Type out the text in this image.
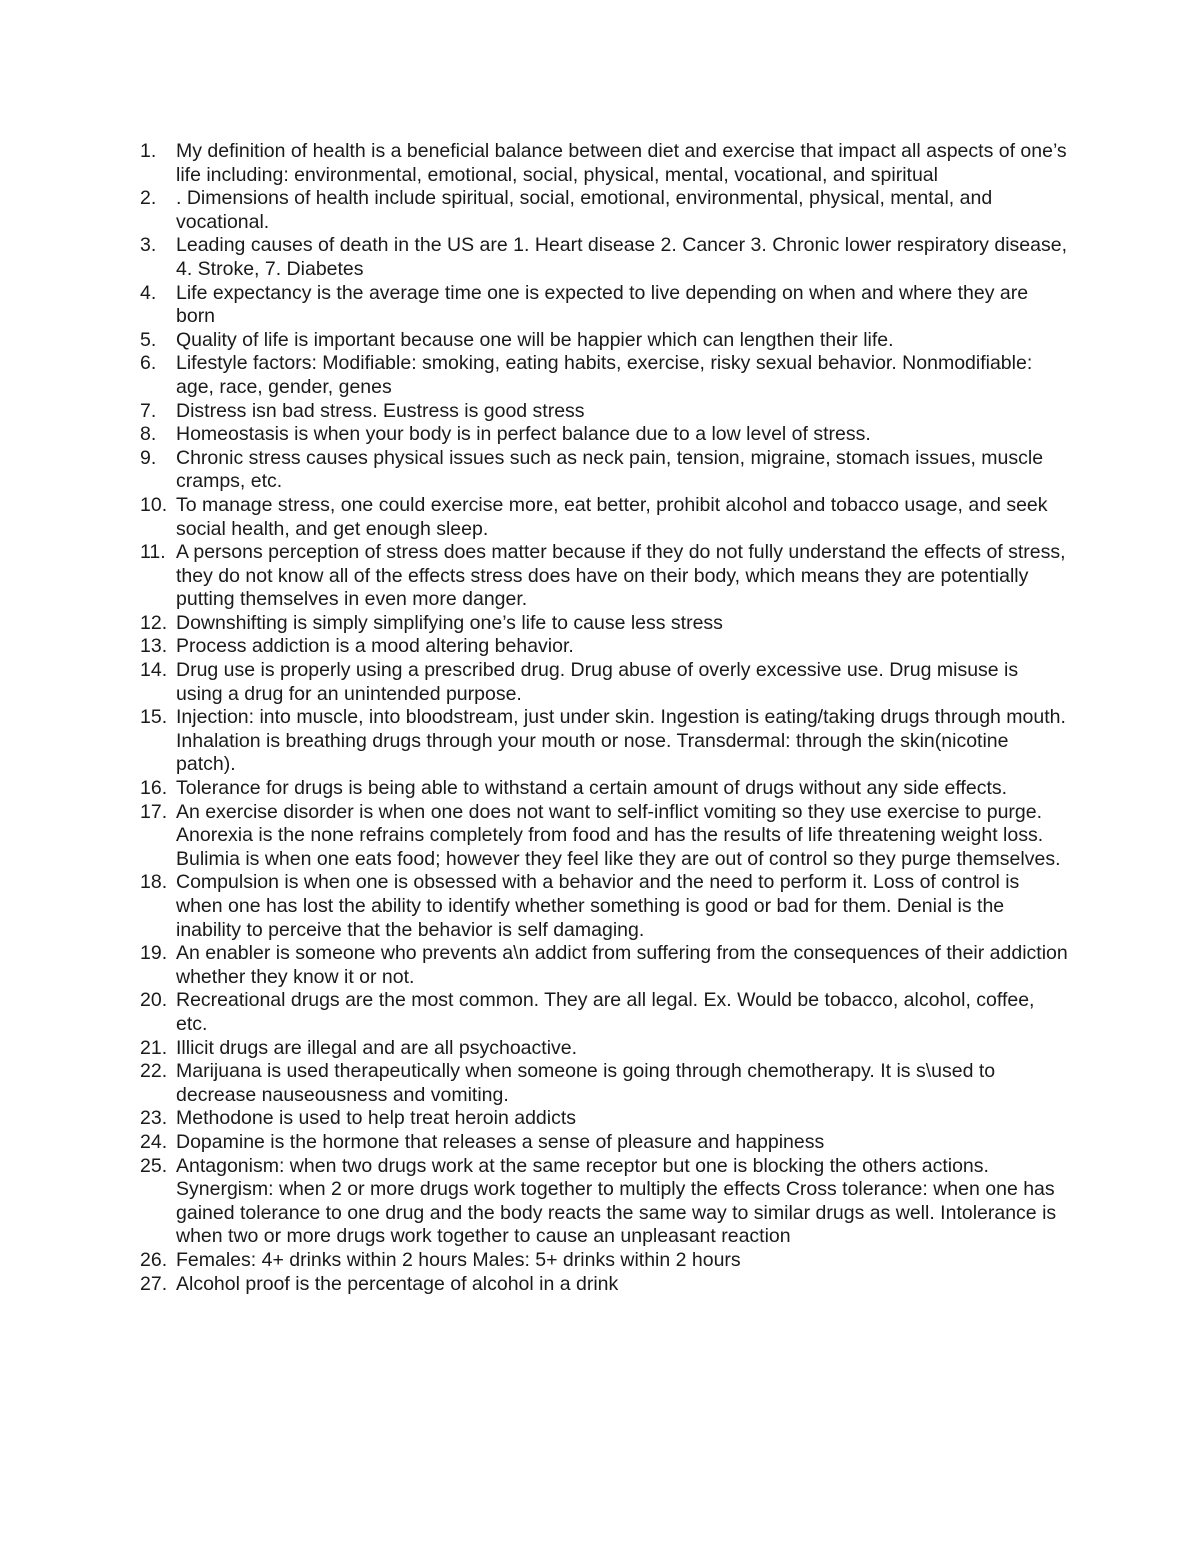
1.	My definition of health is a beneficial balance between diet and exercise that impact all aspects of one’s life including: environmental, emotional, social, physical, mental, vocational, and spiritual
2.	. Dimensions of health include spiritual, social, emotional, environmental, physical, mental, and vocational.
3.	Leading causes of death in the US are 1. Heart disease 2. Cancer 3. Chronic lower respiratory disease, 4. Stroke, 7. Diabetes
4.	Life expectancy is the average time one is expected to live depending on when and where they are born
5.	Quality of life is important because one will be happier which can lengthen their life.
6.	Lifestyle factors: Modifiable: smoking, eating habits, exercise, risky sexual behavior. Nonmodifiable: age, race, gender, genes
7.	Distress isn bad stress. Eustress is good stress
8.	Homeostasis is when your body is in perfect balance due to a low level of stress.
9.	Chronic stress causes physical issues such as neck pain, tension, migraine, stomach issues, muscle cramps, etc.
10. To manage stress, one could exercise more, eat better, prohibit alcohol and tobacco usage, and seek social health, and get enough sleep.
11. A persons perception of stress does matter because if they do not fully understand the effects of stress, they do not know all of the effects stress does have on their body, which means they are potentially putting themselves in even more danger.
12. Downshifting is simply simplifying one’s life to cause less stress
13. Process addiction is a mood altering behavior.
14. Drug use is properly using a prescribed drug. Drug abuse of overly excessive use. Drug misuse is using a drug for an unintended purpose.
15. Injection: into muscle, into bloodstream, just under skin. Ingestion is eating/taking drugs through mouth. Inhalation is breathing drugs through your mouth or nose. Transdermal: through the skin(nicotine patch).
16. Tolerance for drugs is being able to withstand a certain amount of drugs without any side effects.
17. An exercise disorder is when one does not want to self-inflict vomiting so they use exercise to purge. Anorexia is the none refrains completely from food and has the results of life threatening weight loss. Bulimia is when one eats food; however they feel like they are out of control so they purge themselves.
18. Compulsion is when one is obsessed with a behavior and the need to perform it. Loss of control is when one has lost the ability to identify whether something is good or bad for them. Denial is the inability to perceive that the behavior is self damaging.
19. An enabler is someone who prevents a\n addict from suffering from the consequences of their addiction whether they know it or not.
20. Recreational drugs are the most common. They are all legal. Ex. Would be tobacco, alcohol, coffee, etc.
21. Illicit drugs are illegal and are all psychoactive.
22. Marijuana is used therapeutically when someone is going through chemotherapy. It is s\used to decrease nauseousness and vomiting.
23. Methodone is used to help treat heroin addicts
24. Dopamine is the hormone that releases a sense of pleasure and happiness
25. Antagonism: when two drugs work at the same receptor but one is blocking the others actions. Synergism: when 2 or more drugs work together to multiply the effects Cross tolerance: when one has gained tolerance to one drug and the body reacts the same way to similar drugs as well. Intolerance is when two or more drugs work together to cause an unpleasant reaction
26. Females: 4+ drinks within 2 hours Males: 5+ drinks within 2 hours
27. Alcohol proof is the percentage of alcohol in a drink
